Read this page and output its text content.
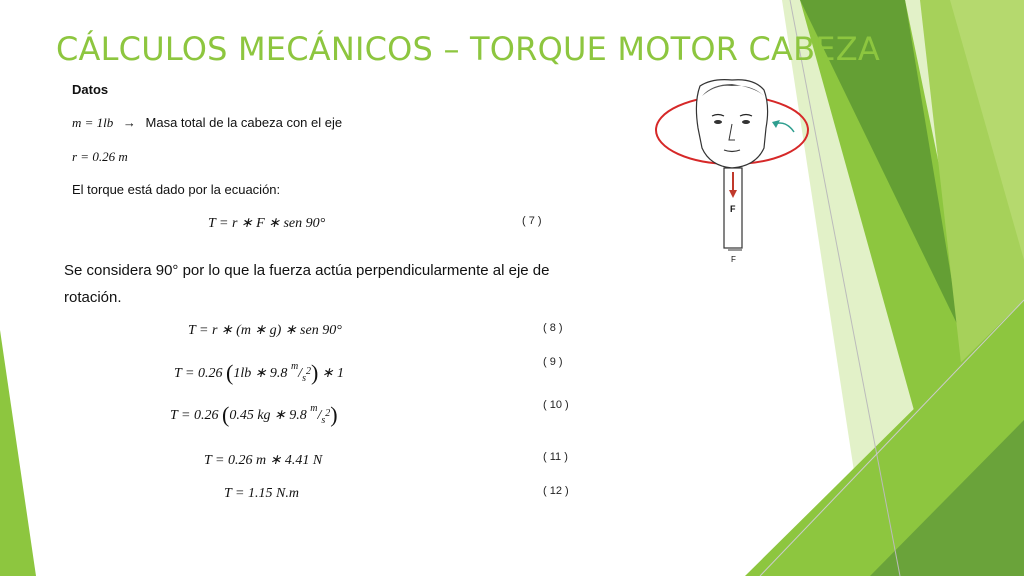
CÁLCULOS MECÁNICOS – TORQUE MOTOR CABEZA
Datos
m = 1lb → Masa total de la cabeza con el eje
r = 0.26 m
El torque está dado por la ecuación:
T = r ∗ F ∗ sen 90°	( 7 )
Se considera 90° por lo que la fuerza actúa perpendicularmente al eje de
rotación.
T = r ∗ (m ∗ g) ∗ sen 90°	( 8 )
T = 0.26 (1lb ∗ 9.8 $^m/_{s^2}$) ∗ 1
( 9 )
T = 0.26 (0.45 kg ∗ 9.8 $^m/_{s^2}$)	( 10 )
T = 0.26 m ∗ 4.41 N	( 11 )
T = 1.15 N.m	( 12 )
F
F
